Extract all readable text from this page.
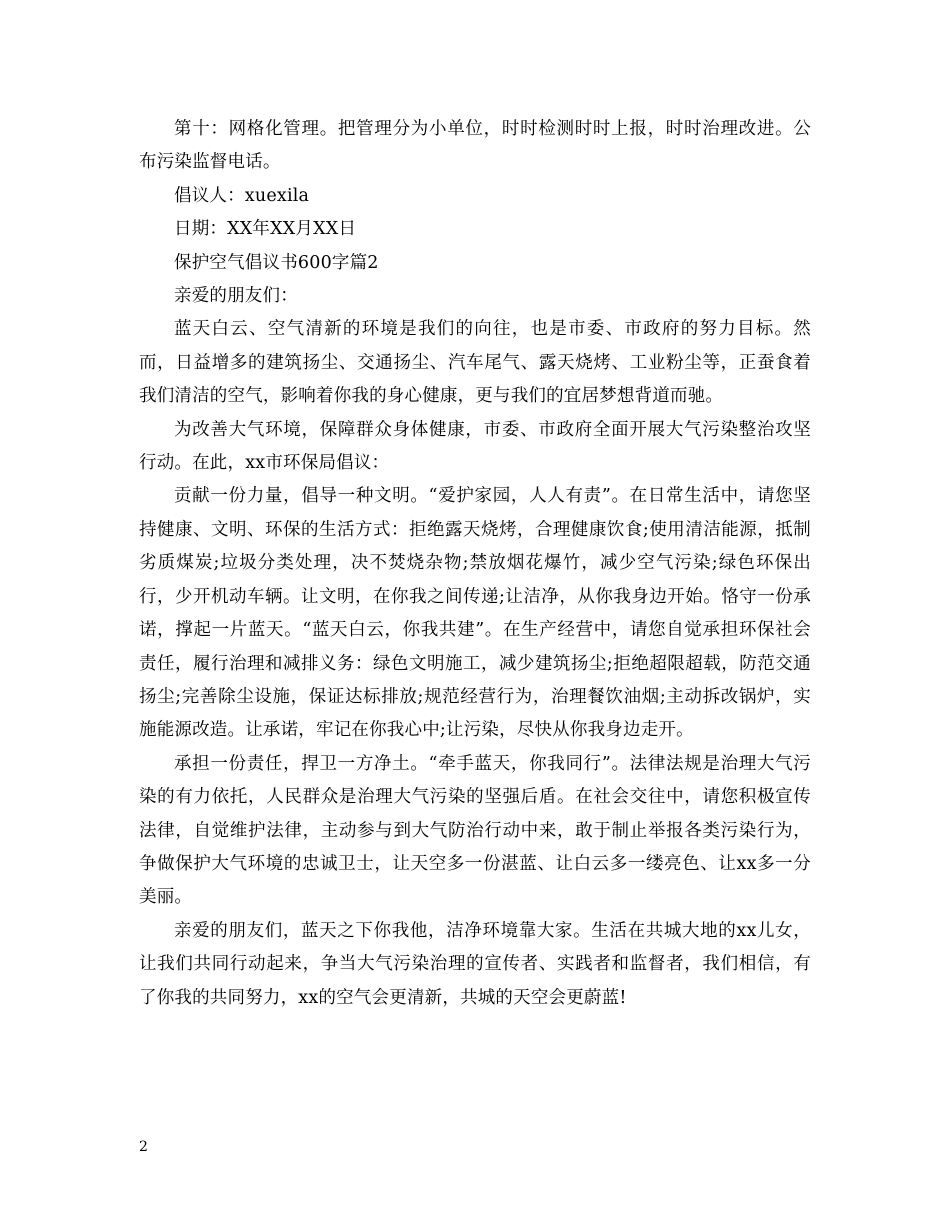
第十：网格化管理。把管理分为小单位，时时检测时时上报，时时治理改进。公布污染监督电话。

倡议人：xuexila

日期：XX年XX月XX日

保护空气倡议书600字篇2

亲爱的朋友们：

蓝天白云、空气清新的环境是我们的向往，也是市委、市政府的努力目标。然而，日益增多的建筑扬尘、交通扬尘、汽车尾气、露天烧烤、工业粉尘等，正蚕食着我们清洁的空气，影响着你我的身心健康，更与我们的宜居梦想背道而驰。

为改善大气环境，保障群众身体健康，市委、市政府全面开展大气污染整治攻坚行动。在此，xx市环保局倡议：

贡献一份力量，倡导一种文明。“爱护家园，人人有责”。在日常生活中，请您坚持健康、文明、环保的生活方式：拒绝露天烧烤，合理健康饮食;使用清洁能源，抵制劣质煤炭;垃圾分类处理，决不焚烧杂物;禁放烟花爆竹，减少空气污染;绿色环保出行，少开机动车辆。让文明，在你我之间传递;让洁净，从你我身边开始。恪守一份承诺，撑起一片蓝天。“蓝天白云，你我共建”。在生产经营中，请您自觉承担环保社会责任，履行治理和减排义务：绿色文明施工，减少建筑扬尘;拒绝超限超载，防范交通扬尘;完善除尘设施，保证达标排放;规范经营行为，治理餐饮油烟;主动拆改锅炉，实施能源改造。让承诺，牢记在你我心中;让污染，尽快从你我身边走开。

承担一份责任，捍卫一方净土。“牵手蓝天，你我同行”。法律法规是治理大气污染的有力依托，人民群众是治理大气污染的坚强后盾。在社会交往中，请您积极宣传法律，自觉维护法律，主动参与到大气防治行动中来，敢于制止举报各类污染行为，争做保护大气环境的忠诚卫士，让天空多一份湛蓝、让白云多一缕亮色、让xx多一分美丽。

亲爱的朋友们，蓝天之下你我他，洁净环境靠大家。生活在共城大地的xx儿女，让我们共同行动起来，争当大气污染治理的宣传者、实践者和监督者，我们相信，有了你我的共同努力，xx的空气会更清新，共城的天空会更蔚蓝!

2
